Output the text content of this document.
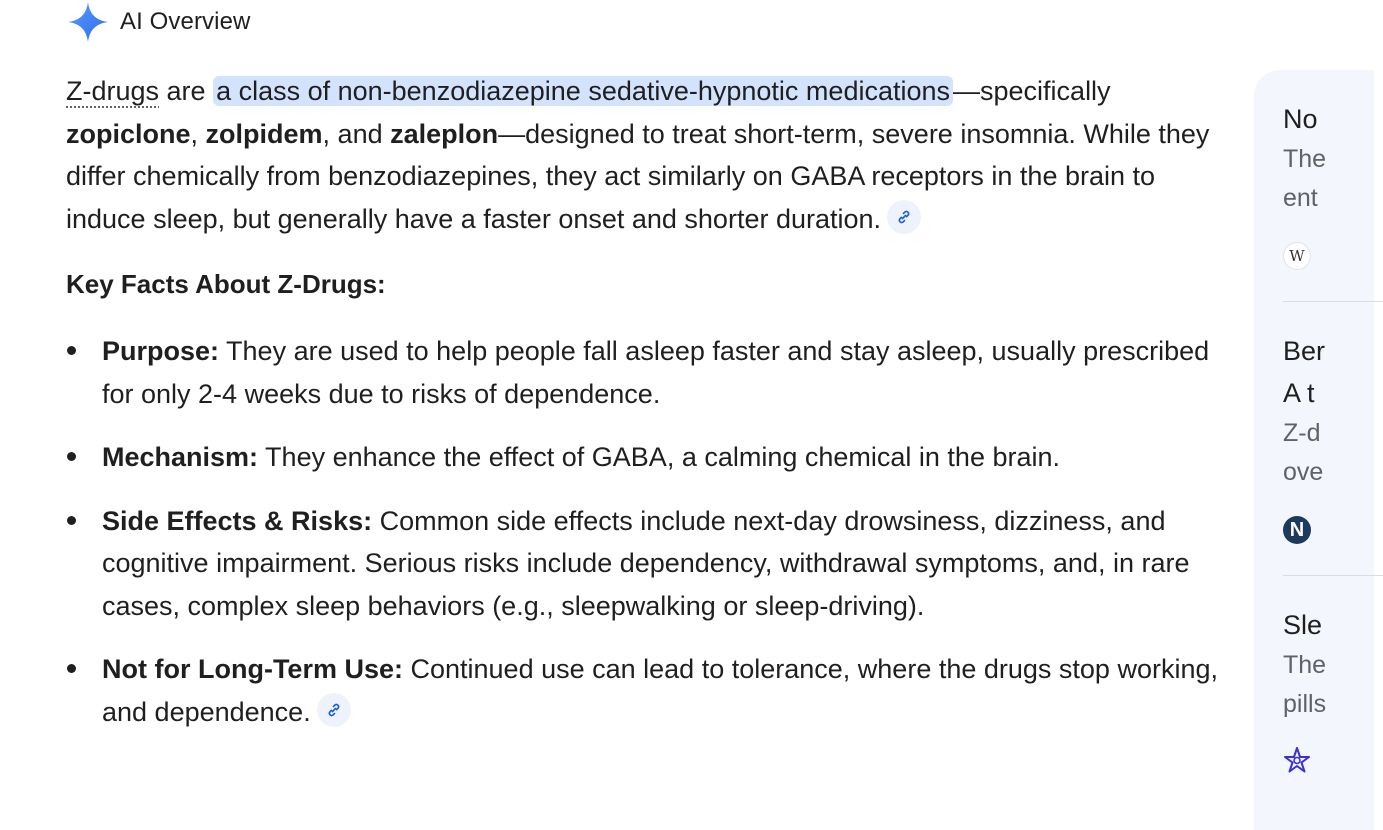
AI Overview

Z-drugs are a class of non-benzodiazepine sedative-hypnotic medications —specifically zopiclone, zolpidem, and zaleplon—designed to treat short-term, severe insomnia. While they differ chemically from benzodiazepines, they act similarly on GABA receptors in the brain to induce sleep, but generally have a faster onset and shorter duration.

Key Facts About Z-Drugs:
Purpose: They are used to help people fall asleep faster and stay asleep, usually prescribed for only 2-4 weeks due to risks of dependence.
Mechanism: They enhance the effect of GABA, a calming chemical in the brain.
Side Effects & Risks: Common side effects include next-day drowsiness, dizziness, and cognitive impairment. Serious risks include dependency, withdrawal symptoms, and, in rare cases, complex sleep behaviors (e.g., sleepwalking or sleep-driving).
Not for Long-Term Use: Continued use can lead to tolerance, where the drugs stop working, and dependence.
No
The
ent
W
Ber
A t
Z-d
ove
N
Sle
The
pills
